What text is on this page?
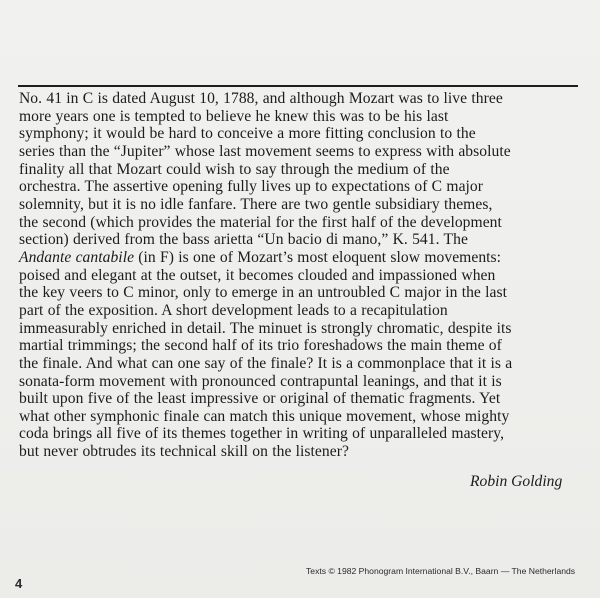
No. 41 in C is dated August 10, 1788, and although Mozart was to live three
more years one is tempted to believe he knew this was to be his last
symphony; it would be hard to conceive a more fitting conclusion to the
series than the “Jupiter” whose last movement seems to express with absolute
finality all that Mozart could wish to say through the medium of the
orchestra. The assertive opening fully lives up to expectations of C major
solemnity, but it is no idle fanfare. There are two gentle subsidiary themes,
the second (which provides the material for the first half of the development
section) derived from the bass arietta “Un bacio di mano,” K. 541. The
Andante cantabile (in F) is one of Mozart’s most eloquent slow movements:
poised and elegant at the outset, it becomes clouded and impassioned when
the key veers to C minor, only to emerge in an untroubled C major in the last
part of the exposition. A short development leads to a recapitulation
immeasurably enriched in detail. The minuet is strongly chromatic, despite its
martial trimmings; the second half of its trio foreshadows the main theme of
the finale. And what can one say of the finale? It is a commonplace that it is a
sonata-form movement with pronounced contrapuntal leanings, and that it is
built upon five of the least impressive or original of thematic fragments. Yet
what other symphonic finale can match this unique movement, whose mighty
coda brings all five of its themes together in writing of unparalleled mastery,
but never obtrudes its technical skill on the listener?
Robin Golding
Texts © 1982 Phonogram International B.V., Baarn — The Netherlands
4
